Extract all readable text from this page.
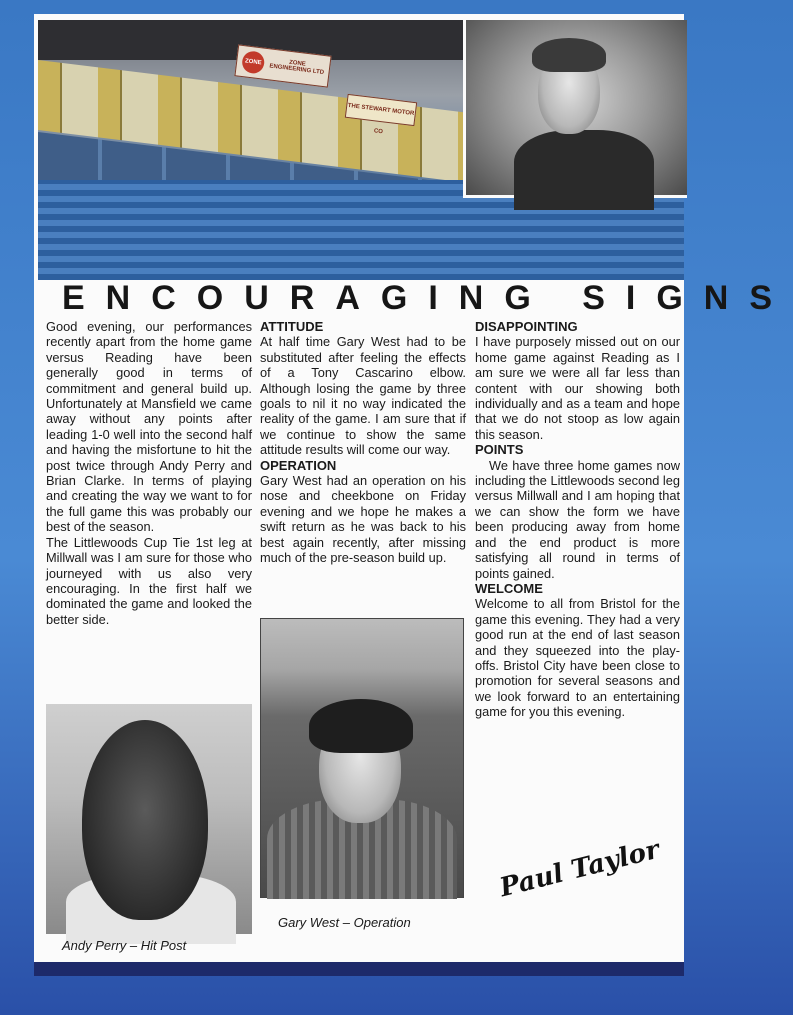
ZONE	ZONE ENGINEERING LTD
THE STEWART MOTOR CO
ENCOURAGING SIGNS

Good evening, our performances recently apart from the home game versus Reading have been generally good in terms of commitment and general build up. Unfortunately at Mansfield we came away without any points after leading 1-0 well into the second half and having the misfortune to hit the post twice through Andy Perry and Brian Clarke. In terms of playing and creating the way we want to for the full game this was probably our best of the season.

The Littlewoods Cup Tie 1st leg at Millwall was I am sure for those who journeyed with us also very encouraging. In the first half we dominated the game and looked the better side.

ATTITUDE

At half time Gary West had to be substituted after feeling the effects of a Tony Cascarino elbow. Although losing the game by three goals to nil it no way indicated the reality of the game. I am sure that if we continue to show the same attitude results will come our way.

OPERATION

Gary West had an operation on his nose and cheekbone on Friday evening and we hope he makes a swift return as he was back to his best again recently, after missing much of the pre-season build up.

DISAPPOINTING

I have purposely missed out on our home game against Reading as I am sure we were all far less than content with our showing both individually and as a team and hope that we do not stoop as low again this season.

POINTS

We have three home games now including the Littlewoods second leg versus Millwall and I am hoping that we can show the form we have been producing away from home and the end product is more satisfying all round in terms of points gained.

WELCOME

Welcome to all from Bristol for the game this evening. They had a very good run at the end of last season and they squeezed into the play-offs. Bristol City have been close to promotion for several seasons and we look forward to an entertaining game for you this evening.

Andy Perry – Hit Post
Gary West – Operation
Paul Taylor
